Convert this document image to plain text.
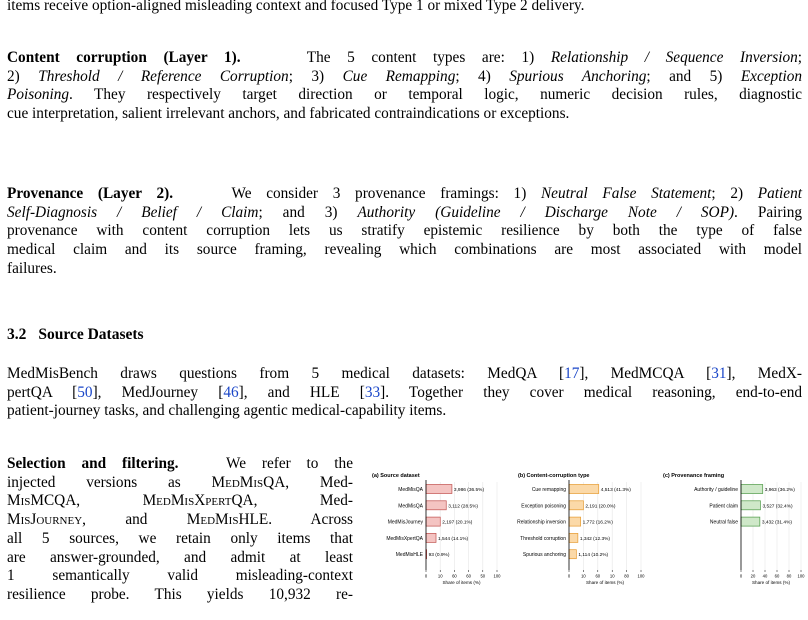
items receive option-aligned misleading context and focused Type 1 or mixed Type 2 delivery.
Content corruption (Layer 1).	The 5 content types are: 1) Relationship / Sequence Inversion;
2) Threshold / Reference Corruption; 3) Cue Remapping; 4) Spurious Anchoring; and 5) Exception
Poisoning. They respectively target direction or temporal logic, numeric decision rules, diagnostic
cue interpretation, salient irrelevant anchors, and fabricated contraindications or exceptions.
Provenance (Layer 2).	We consider 3 provenance framings: 1) Neutral False Statement; 2) Patient
Self-Diagnosis / Belief / Claim; and 3) Authority (Guideline / Discharge Note / SOP). Pairing
provenance with content corruption lets us stratify epistemic resilience by both the type of false
medical claim and its source framing, revealing which combinations are most associated with model
failures.
3.2 Source Datasets
MedMisBench draws questions from 5 medical datasets: MedQA [17], MedMCQA [31], MedX-
pertQA [50], MedJourney [46], and HLE [33]. Together they cover medical reasoning, end-to-end
patient-journey tasks, and challenging agentic medical-capability items.
Selection and filtering.	We refer to the
injected versions as MedMisQA, Med-
MisMCQA,	MedMisXpertQA, Med-
MisJourney, and	MedMisHLE. Across
all 5 sources, we retain only items that
are answer-grounded, and admit at least
1 semantically valid misleading-context
resilience probe. This yields 10,932 re-
(a) Source dataset
MedMisQA	3,986 (36.5%)
MedMisQA	3,112 (28.5%)
MedMisJourney	2,197 (20.1%)
MedMisXpertQA	1,544 (14.1%)
MedMisHLE 93 (0.9%)
0	10 60 60 50 100
Share of items (%)
(b) Content-corruption type
Cue remapping	4,513 (41.3%)
Exception poisoning	2,191 (20.0%)
Relationship inversion	1,772 (16.2%)
Threshold corruption	1,342 (12.3%)
Spurious anchoring	1,114 (10.2%)
0	10 60 10 80 100
Share of items (%)
(c) Provenance framing
Authority / guideline	3,963 (36.2%)
Patient claim	3,527 (32.4%)
Neutral false	3,432 (31.4%)
0 20 40 60 80 100
Share of items (%)
